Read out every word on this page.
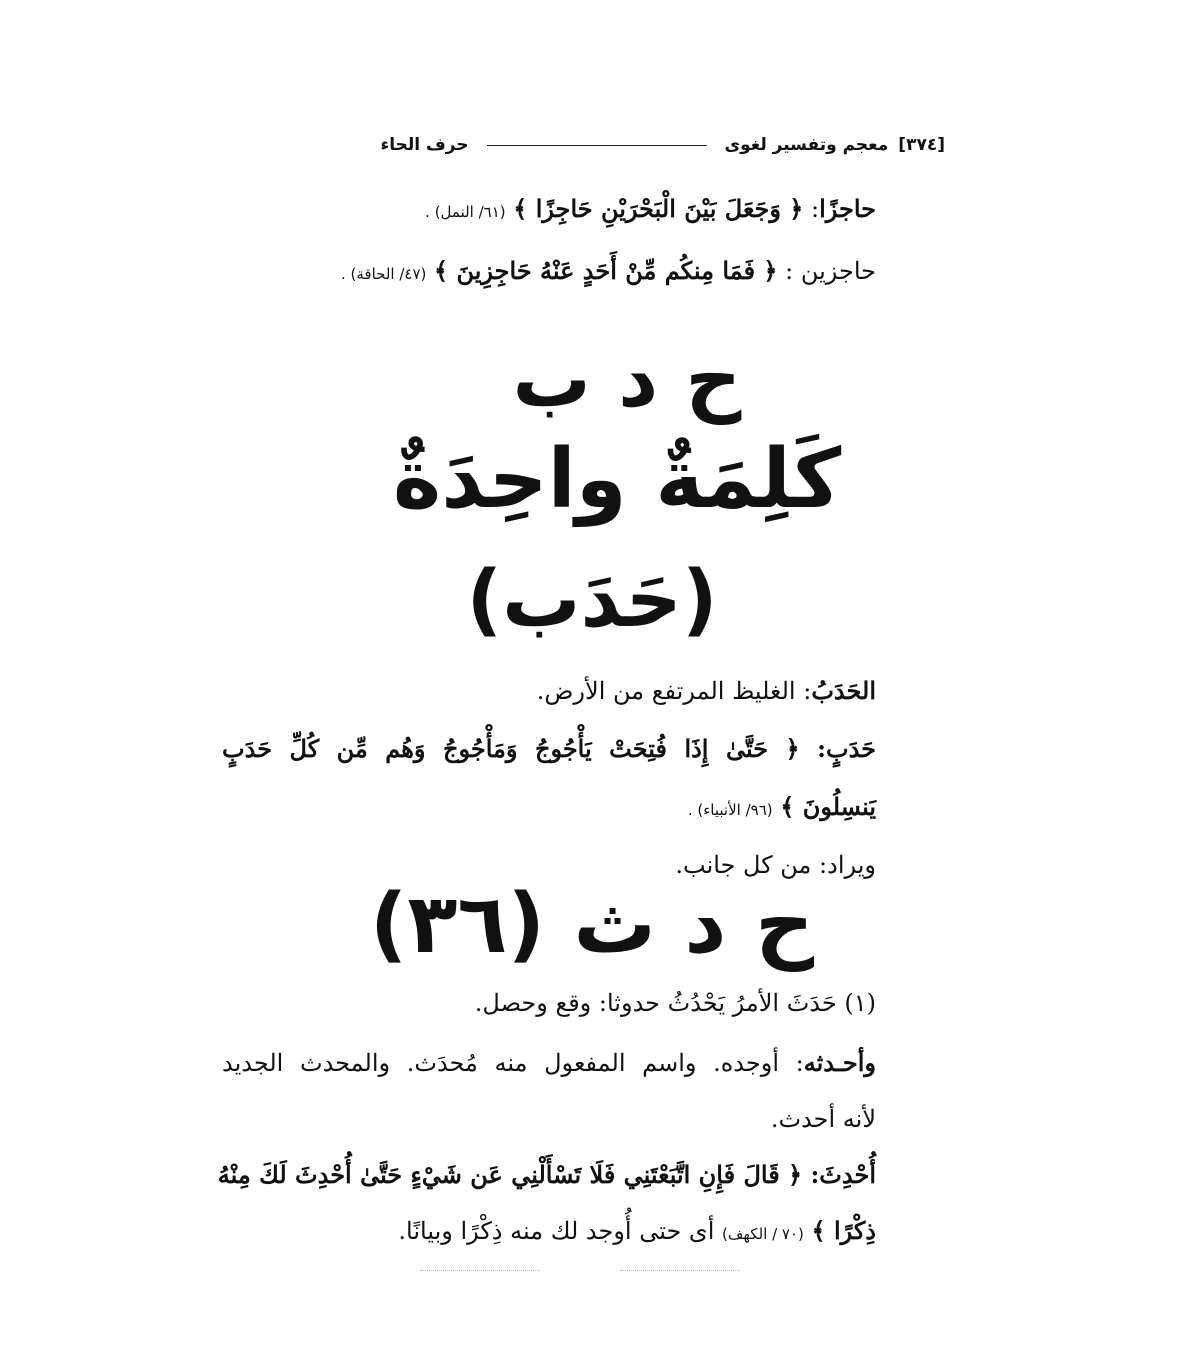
[٣٧٤]
معجم وتفسير لغوى
حرف الحاء
حاجزًا: ﴿ وَجَعَلَ بَيْنَ الْبَحْرَيْنِ حَاجِزًا ﴾ (٦١/ النمل) .
حاجزين : ﴿ فَمَا مِنكُم مِّنْ أَحَدٍ عَنْهُ حَاجِزِينَ ﴾ (٤٧/ الحاقة) .
ح د ب
كَلِمَةٌ واحِدَةٌ
(حَدَب)
الحَدَبُ: الغليظ المرتفع من الأرض.
حَدَبٍ: ﴿ حَتَّىٰ إِذَا فُتِحَتْ يَأْجُوجُ وَمَأْجُوجُ وَهُم مِّن كُلِّ حَدَبٍ
يَنسِلُونَ ﴾ (٩٦/ الأنبياء) .
ويراد: من كل جانب.
ح د ث (٣٦)
(١) حَدَثَ الأمرُ يَحْدُثُ حدوثا: وقع وحصل.
وأحـدثه: أوجده. واسم المفعول منه مُحدَث. والمحدث الجديد
لأنه أحدث.
أُحْدِثَ: ﴿ قَالَ فَإِنِ اتَّبَعْتَنِي فَلَا تَسْأَلْنِي عَن شَيْءٍ حَتَّىٰ أُحْدِثَ لَكَ مِنْهُ
ذِكْرًا ﴾ (٧٠ / الكهف) أى حتى أُوجد لك منه ذِكْرًا وبيانًا.
